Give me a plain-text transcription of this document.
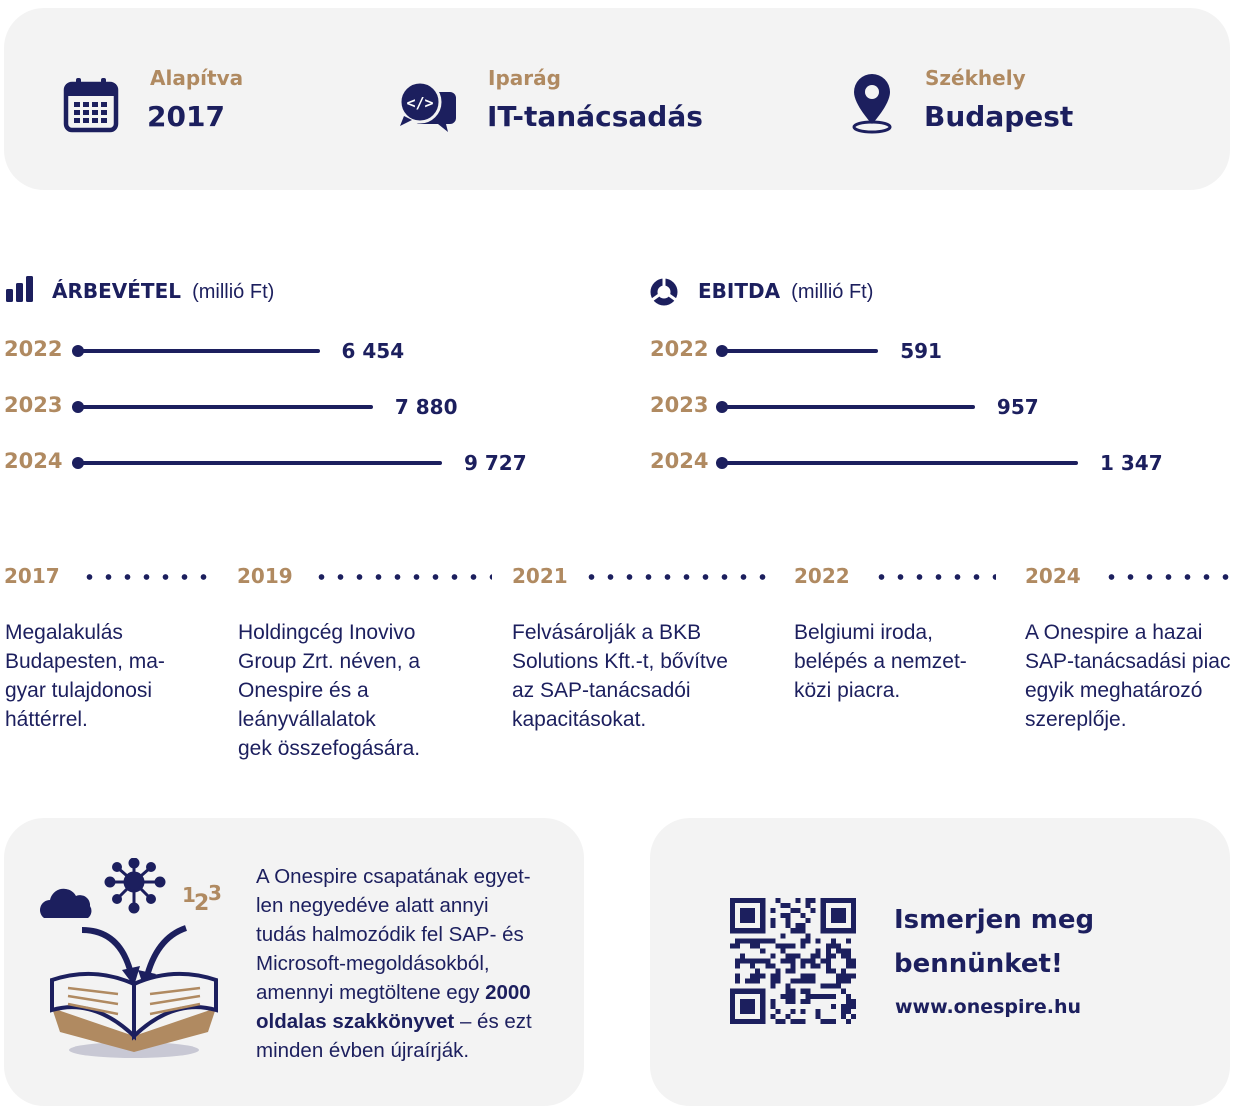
Alapítva
2017	</>
Iparág
IT-tanácsadás
Székhely
Budapest
ÁRBEVÉTEL (millió Ft)
2022	6 454
2023	7 880
2024	9 727
EBITDA (millió Ft)
2022	591
2023	957
2024	1 347
2017
Megalakulás
Budapesten, ma-
gyar tulajdonosi
háttérrel.
2019
Holdingcég Inovivo
Group Zrt. néven, a
Onespire és a leányvállalatok
gek összefogására.
2021
Felvásárolják a BKB
Solutions Kft.-t, bővítve
az SAP-tanácsadói
kapacitásokat.
2022
Belgiumi iroda,
belépés a nemzet-
közi piacra.
2024
A Onespire a hazai
SAP-tanácsadási piac
egyik meghatározó
szereplője.
1
2
3
A Onespire csapatának egyet-
len negyedéve alatt annyi
tudás halmozódik fel SAP- és
Microsoft-megoldásokból,
amennyi megtöltene egy 2000
oldalas szakkönyvet – és ezt
minden évben újraírják.
Ismerjen meg
bennünket!
www.onespire.hu
